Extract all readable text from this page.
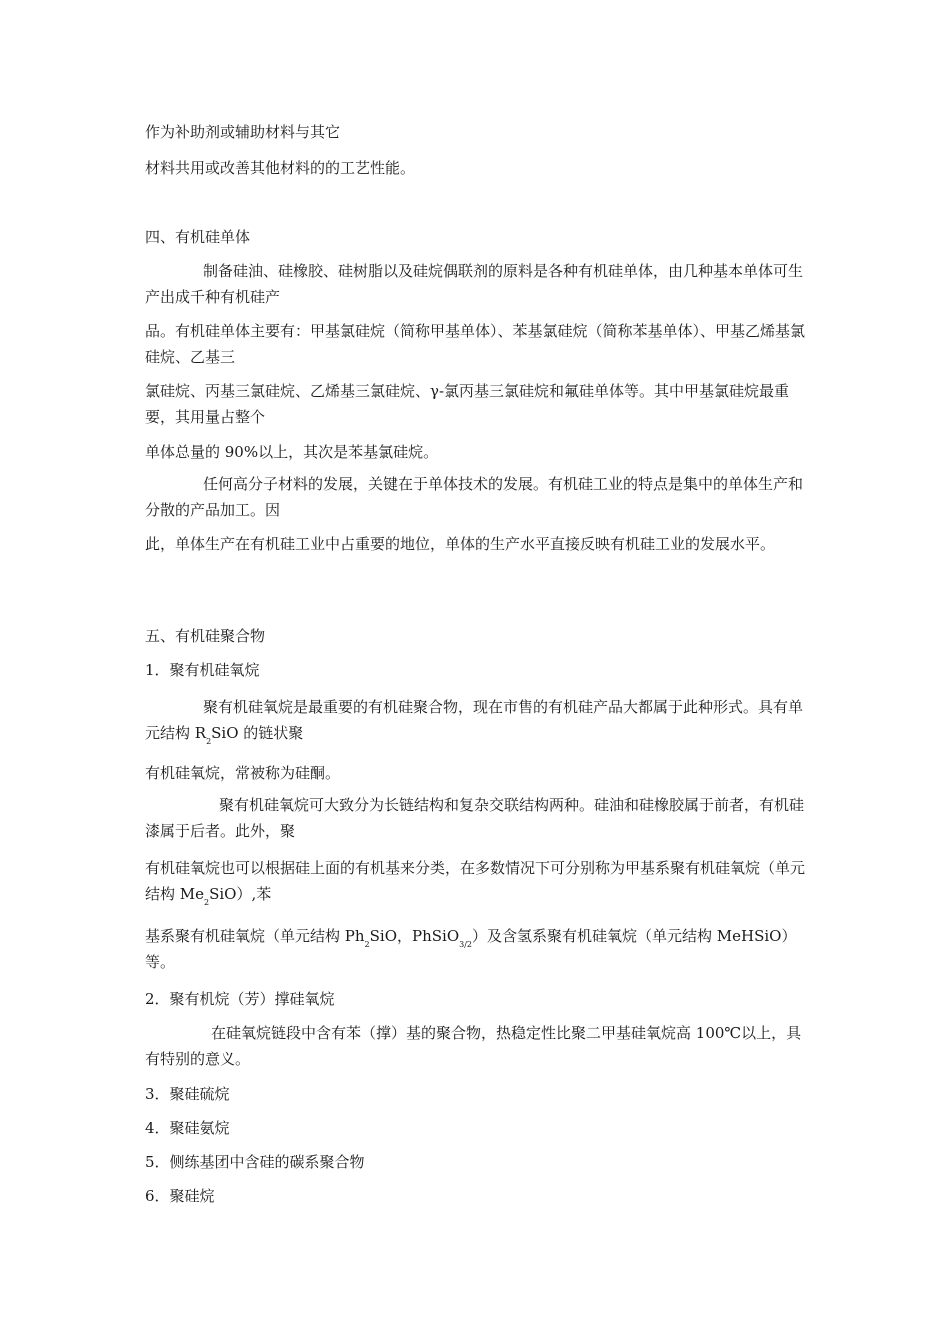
作为补助剂或辅助材料与其它
材料共用或改善其他材料的的工艺性能。
四、有机硅单体
制备硅油、硅橡胶、硅树脂以及硅烷偶联剂的原料是各种有机硅单体，由几种基本单体可生产出成千种有机硅产
品。有机硅单体主要有：甲基氯硅烷（简称甲基单体）、苯基氯硅烷（简称苯基单体）、甲基乙烯基氯硅烷、乙基三
氯硅烷、丙基三氯硅烷、乙烯基三氯硅烷、γ-氯丙基三氯硅烷和氟硅单体等。其中甲基氯硅烷最重要，其用量占整个
单体总量的 90%以上，其次是苯基氯硅烷。
任何高分子材料的发展，关键在于单体技术的发展。有机硅工业的特点是集中的单体生产和分散的产品加工。因
此，单体生产在有机硅工业中占重要的地位，单体的生产水平直接反映有机硅工业的发展水平。
五、有机硅聚合物
1．聚有机硅氧烷
聚有机硅氧烷是最重要的有机硅聚合物，现在市售的有机硅产品大都属于此种形式。具有单元结构 $R_2SiO$ 的链状聚
有机硅氧烷，常被称为硅酮。
聚有机硅氧烷可大致分为长链结构和复杂交联结构两种。硅油和硅橡胶属于前者，有机硅漆属于后者。此外，聚
有机硅氧烷也可以根据硅上面的有机基来分类，在多数情况下可分别称为甲基系聚有机硅氧烷（单元结构 $Me_2SiO$）,苯
基系聚有机硅氧烷（单元结构 $Ph_2SiO$，PhSiO$_{3/2}$）及含氢系聚有机硅氧烷（单元结构 MeHSiO）等。
2．聚有机烷（芳）撑硅氧烷
在硅氧烷链段中含有苯（撑）基的聚合物，热稳定性比聚二甲基硅氧烷高 100℃以上，具有特别的意义。
3．聚硅硫烷
4．聚硅氨烷
5．侧练基团中含硅的碳系聚合物
6．聚硅烷
